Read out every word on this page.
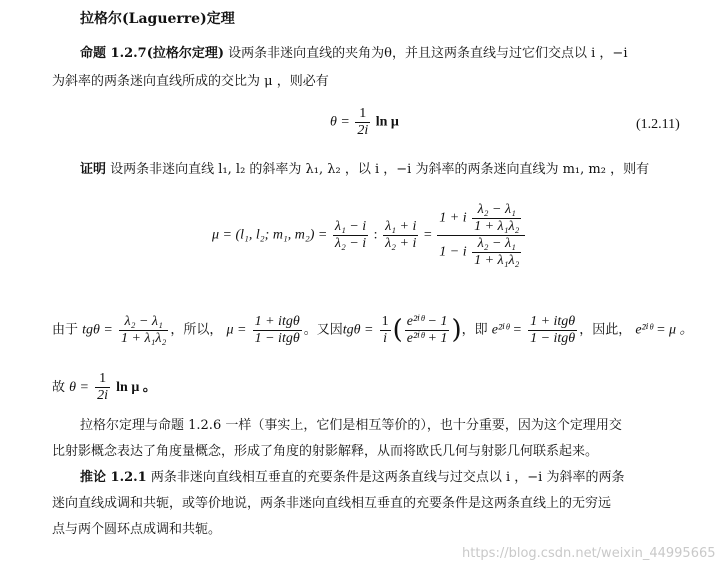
拉格尔(Laguerre)定理
命题 1.2.7(拉格尔定理) 设两条非迷向直线的夹角为θ，并且这两条直线与过它们交点以 i ，−i
为斜率的两条迷向直线所成的交比为 μ ，则必有
$\theta = \frac{1}{2i}$ ln μ	(1.2.11)
证明 设两条非迷向直线 l₁, l₂ 的斜率为 λ₁, λ₂ ，以 i ，−i 为斜率的两条迷向直线为 m₁, m₂ ，则有
μ = (l₁, l₂; m₁, $m_2) = \frac{\text{λ₁ − i}}{\text{λ₂ − i}}$ : $\frac{\text{λ₁ + i}}{\text{λ₂ + i}} = \frac{1 + i \frac{\text{λ₂ − λ₁}}{\text{1 + λ₁λ₂}}}{1 - i \frac{\text{λ₂ − λ₁}}{\text{1 + λ₁λ₂}}}$
由于 $tg\theta = \frac{\text{λ₂ − λ₁}}{\text{1 + λ₁λ₂}}$ ，所以， $\mu = \frac{\text{1 + itgθ}}{\text{1 − itgθ}}$ 。又因$tg\theta = \frac{1}{i}$ ( $\frac{\text{e²ⁱᶿ − 1}}{\text{e²ⁱᶿ + 1}}$ )，即 e²ⁱᶿ = $\frac{\text{1 + itgθ}}{\text{1 − itgθ}}$ ，因此， e²ⁱᶿ = μ 。
故 $\theta = \frac{1}{2i}$ ln μ 。
拉格尔定理与命题 1.2.6 一样（事实上，它们是相互等价的），也十分重要，因为这个定理用交
比射影概念表达了角度量概念，形成了角度的射影解释，从而将欧氏几何与射影几何联系起来。
推论 1.2.1 两条非迷向直线相互垂直的充要条件是这两条直线与过交点以 i ，−i 为斜率的两条
迷向直线成调和共轭，或等价地说，两条非迷向直线相互垂直的充要条件是这两条直线上的无穷远
点与两个圆环点成调和共轭。
https://blog.csdn.net/weixin_44995665
